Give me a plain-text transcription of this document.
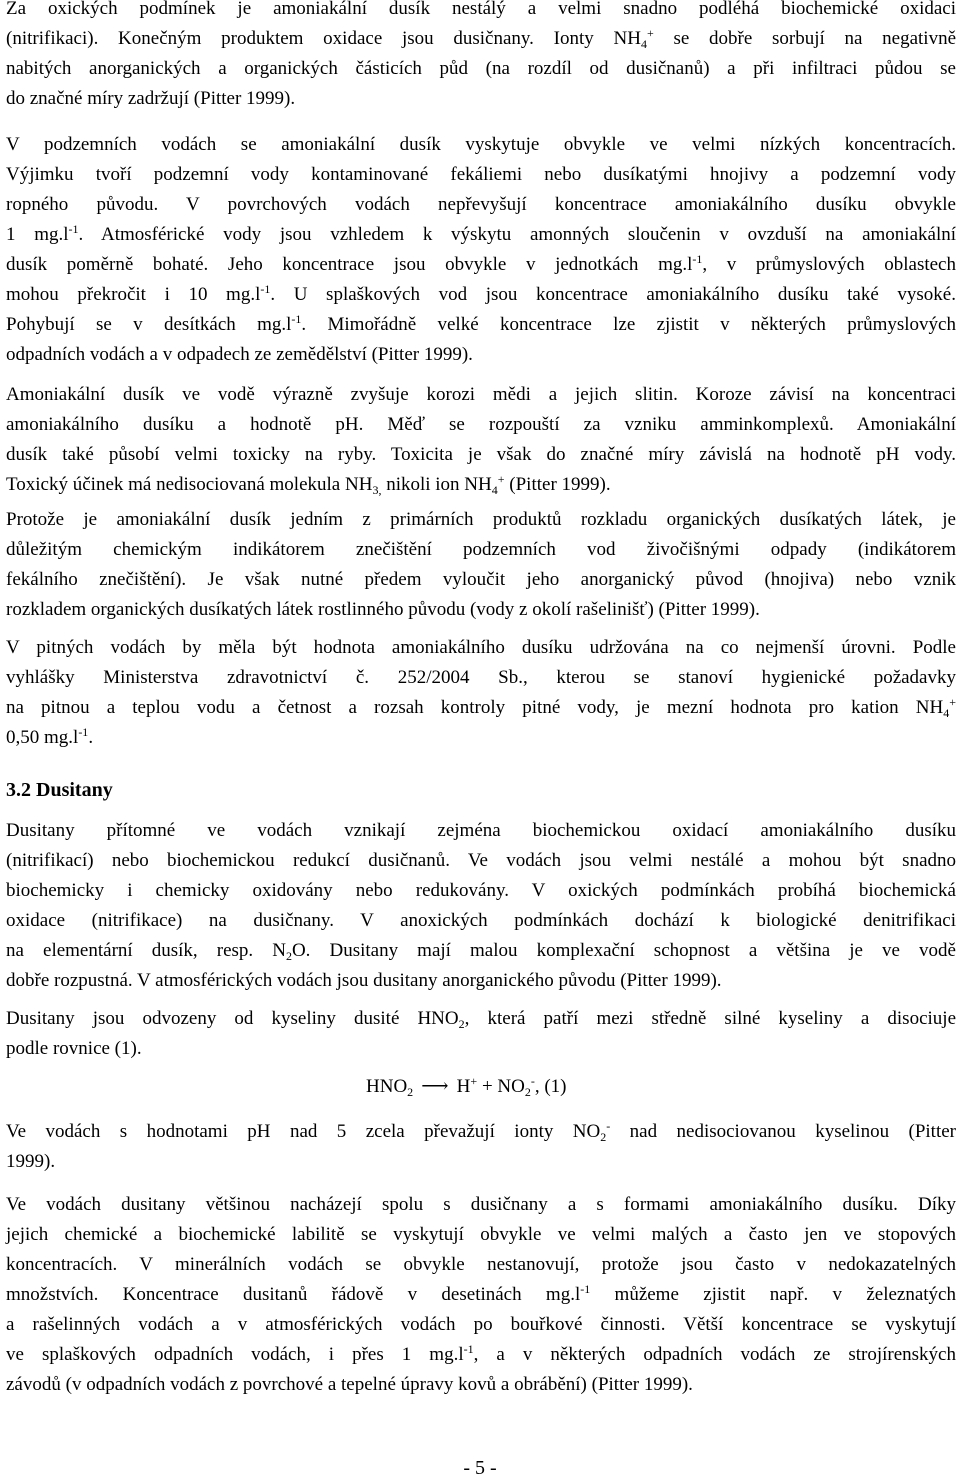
Za oxických podmínek je amoniakální dusík nestálý a velmi snadno podléhá biochemické oxidaci
(nitrifikaci). Konečným produktem oxidace jsou dusičnany. Ionty $NH_4^+$ se dobře sorbují na negativně
nabitých anorganických a organických částicích půd (na rozdíl od dusičnanů) a při infiltraci půdou se
do značné míry zadržují (Pitter 1999).

V podzemních vodách se amoniakální dusík vyskytuje obvykle ve velmi nízkých koncentracích.
Výjimku tvoří podzemní vody kontaminované fekáliemi nebo dusíkatými hnojivy a podzemní vody
ropného původu. V povrchových vodách nepřevyšují koncentrace amoniakálního dusíku obvykle
1 $mg.l^{-1}$. Atmosférické vody jsou vzhledem k výskytu amonných sloučenin v ovzduší na amoniakální
dusík poměrně bohaté. Jeho koncentrace jsou obvykle v jednotkách $mg.l^{-1}$, v průmyslových oblastech
mohou překročit i 10 $mg.l^{-1}$. U splaškových vod jsou koncentrace amoniakálního dusíku také vysoké.
Pohybují se v desítkách $mg.l^{-1}$. Mimořádně velké koncentrace lze zjistit v některých průmyslových
odpadních vodách a v odpadech ze zemědělství (Pitter 1999).

Amoniakální dusík ve vodě výrazně zvyšuje korozi mědi a jejich slitin. Koroze závisí na koncentraci
amoniakálního dusíku a hodnotě pH. Měď se rozpouští za vzniku amminkomplexů. Amoniakální
dusík také působí velmi toxicky na ryby. Toxicita je však do značné míry závislá na hodnotě pH vody.
Toxický účinek má nedisociovaná molekula $NH_{3,}$ nikoli ion $NH_4^+$ (Pitter 1999).

Protože je amoniakální dusík jedním z primárních produktů rozkladu organických dusíkatých látek, je
důležitým chemickým indikátorem znečištění podzemních vod živočišnými odpady (indikátorem
fekálního znečištění). Je však nutné předem vyloučit jeho anorganický původ (hnojiva) nebo vznik
rozkladem organických dusíkatých látek rostlinného původu (vody z okolí rašelinišť) (Pitter 1999).

V pitných vodách by měla být hodnota amoniakálního dusíku udržována na co nejmenší úrovni. Podle
vyhlášky Ministerstva zdravotnictví č. 252/2004 Sb., kterou se stanoví hygienické požadavky
na pitnou a teplou vodu a četnost a rozsah kontroly pitné vody, je mezní hodnota pro kation $NH_4^+$
0,50 $mg.l^{-1}$.

3.2 Dusitany

Dusitany přítomné ve vodách vznikají zejména biochemickou oxidací amoniakálního dusíku
(nitrifikací) nebo biochemickou redukcí dusičnanů. Ve vodách jsou velmi nestálé a mohou být snadno
biochemicky i chemicky oxidovány nebo redukovány. V oxických podmínkách probíhá biochemická
oxidace (nitrifikace) na dusičnany. V anoxických podmínkách dochází k biologické denitrifikaci
na elementární dusík, resp. $N_2O$. Dusitany mají malou komplexační schopnost a většina je ve vodě
dobře rozpustná. V atmosférických vodách jsou dusitany anorganického původu (Pitter 1999).

Dusitany jsou odvozeny od kyseliny dusité $HNO_2$, která patří mezi středně silné kyseliny a disociuje
podle rovnice (1).

$HNO_2$ ⟶ $H^+ + NO_2^-$, (1)

Ve vodách s hodnotami pH nad 5 zcela převažují ionty $NO_2^-$ nad nedisociovanou kyselinou (Pitter
1999).

Ve vodách dusitany většinou nacházejí spolu s dusičnany a s formami amoniakálního dusíku. Díky
jejich chemické a biochemické labilitě se vyskytují obvykle ve velmi malých a často jen ve stopových
koncentracích. V minerálních vodách se obvykle nestanovují, protože jsou často v nedokazatelných
množstvích. Koncentrace dusitanů řádově v desetinách $mg.l^{-1}$ můžeme zjistit např. v železnatých
a rašelinných vodách a v atmosférických vodách po bouřkové činnosti. Větší koncentrace se vyskytují
ve splaškových odpadních vodách, i přes 1 $mg.l^{-1}$, a v některých odpadních vodách ze strojírenských
závodů (v odpadních vodách z povrchové a tepelné úpravy kovů a obrábění) (Pitter 1999).

- 5 -
